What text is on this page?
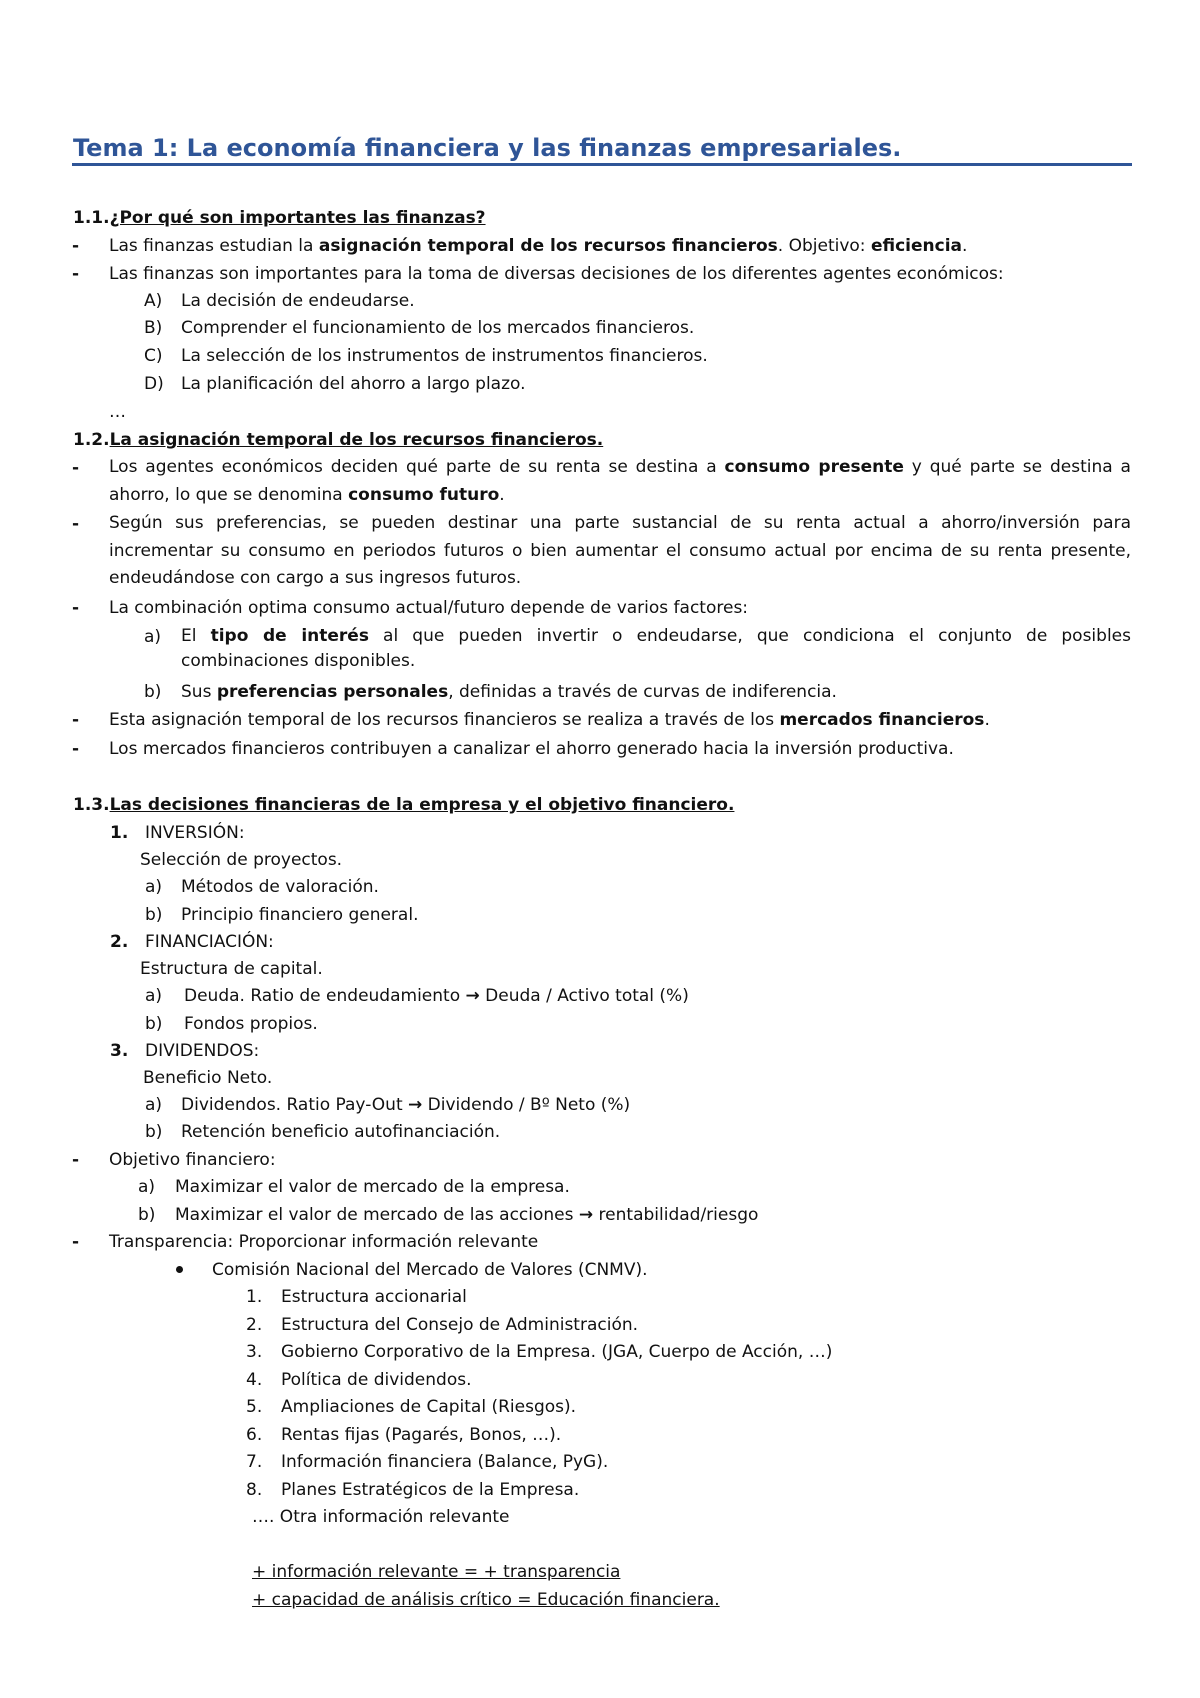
Tema 1: La economía financiera y las finanzas empresariales.
1.1.¿Por qué son importantes las finanzas?
- Las finanzas estudian la asignación temporal de los recursos financieros. Objetivo: eficiencia.
- Las finanzas son importantes para la toma de diversas decisiones de los diferentes agentes económicos:
A) La decisión de endeudarse.
B) Comprender el funcionamiento de los mercados financieros.
C) La selección de los instrumentos de instrumentos financieros.
D) La planificación del ahorro a largo plazo.
…
1.2.La asignación temporal de los recursos financieros.
- Los agentes económicos deciden qué parte de su renta se destina a consumo presente y qué parte se destina a ahorro, lo que se denomina consumo futuro.
- Según sus preferencias, se pueden destinar una parte sustancial de su renta actual a ahorro/inversión para incrementar su consumo en periodos futuros o bien aumentar el consumo actual por encima de su renta presente, endeudándose con cargo a sus ingresos futuros.
- La combinación optima consumo actual/futuro depende de varios factores:
a) El tipo de interés al que pueden invertir o endeudarse, que condiciona el conjunto de posibles combinaciones disponibles.
b) Sus preferencias personales, definidas a través de curvas de indiferencia.
- Esta asignación temporal de los recursos financieros se realiza a través de los mercados financieros.
- Los mercados financieros contribuyen a canalizar el ahorro generado hacia la inversión productiva.
1.3.Las decisiones financieras de la empresa y el objetivo financiero.
1. INVERSIÓN:
Selección de proyectos.
a) Métodos de valoración.
b) Principio financiero general.
2. FINANCIACIÓN:
Estructura de capital.
a) Deuda. Ratio de endeudamiento → Deuda / Activo total (%)
b) Fondos propios.
3. DIVIDENDOS:
Beneficio Neto.
a) Dividendos. Ratio Pay-Out → Dividendo / Bº Neto (%)
b) Retención beneficio autofinanciación.
- Objetivo financiero:
a) Maximizar el valor de mercado de la empresa.
b) Maximizar el valor de mercado de las acciones → rentabilidad/riesgo
- Transparencia: Proporcionar información relevante
Comisión Nacional del Mercado de Valores (CNMV).
1. Estructura accionarial
2. Estructura del Consejo de Administración.
3. Gobierno Corporativo de la Empresa. (JGA, Cuerpo de Acción, …)
4. Política de dividendos.
5. Ampliaciones de Capital (Riesgos).
6. Rentas fijas (Pagarés, Bonos, …).
7. Información financiera (Balance, PyG).
8. Planes Estratégicos de la Empresa.
…. Otra información relevante
+ información relevante = + transparencia
+ capacidad de análisis crítico = Educación financiera.
